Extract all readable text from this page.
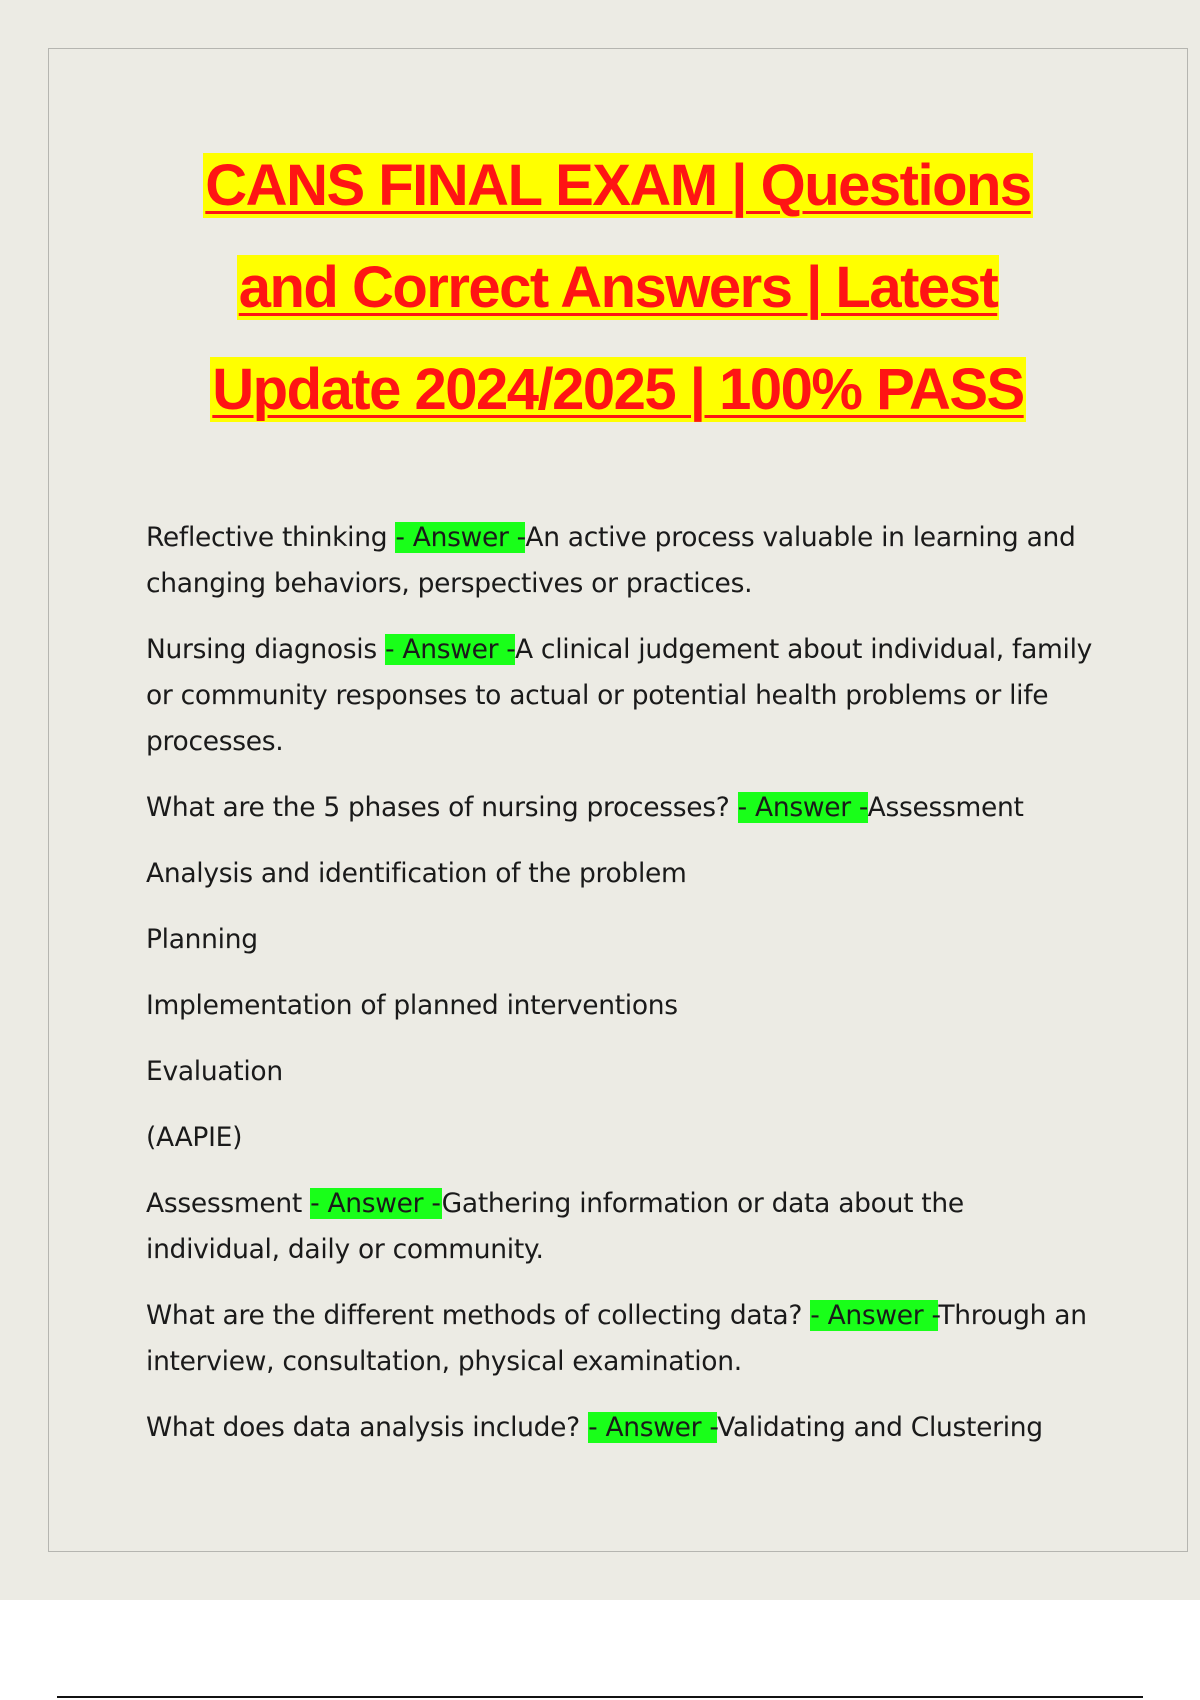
CANS FINAL EXAM | Questions
and Correct Answers | Latest
Update 2024/2025 | 100% PASS

Reflective thinking - Answer -An active process valuable in learning and changing behaviors, perspectives or practices.

Nursing diagnosis - Answer -A clinical judgement about individual, family or community responses to actual or potential health problems or life processes.

What are the 5 phases of nursing processes? - Answer -Assessment

Analysis and identification of the problem

Planning

Implementation of planned interventions

Evaluation

(AAPIE)

Assessment - Answer -Gathering information or data about the individual, daily or community.

What are the different methods of collecting data? - Answer -Through an interview, consultation, physical examination.

What does data analysis include? - Answer -Validating and Clustering
